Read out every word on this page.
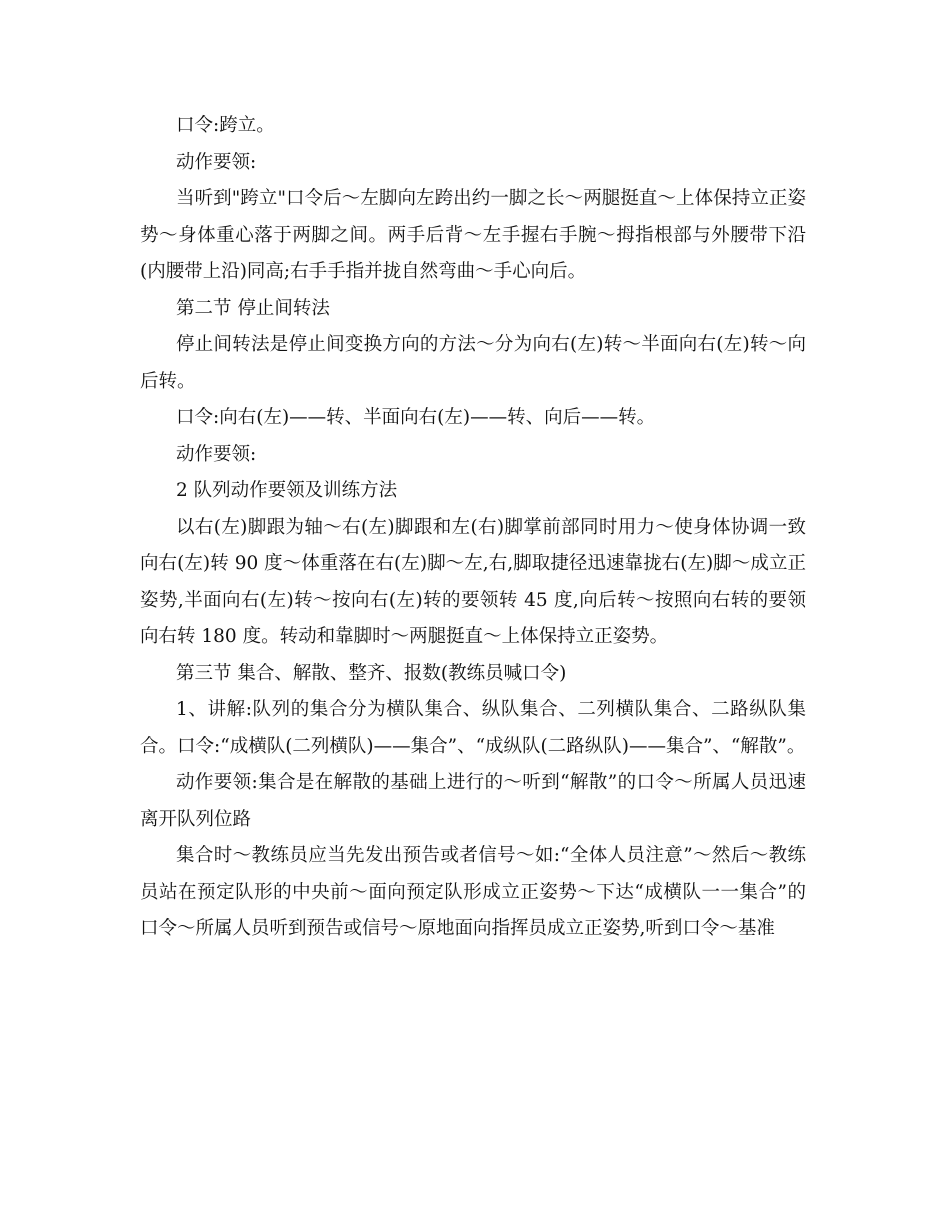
口令:跨立。

动作要领:

当听到"跨立"口令后～左脚向左跨出约一脚之长～两腿挺直～上体保持立正姿势～身体重心落于两脚之间。两手后背～左手握右手腕～拇指根部与外腰带下沿(内腰带上沿)同高;右手手指并拢自然弯曲～手心向后。

第二节 停止间转法

停止间转法是停止间变换方向的方法～分为向右(左)转～半面向右(左)转～向后转。

口令:向右(左)——转、半面向右(左)——转、向后——转。

动作要领:

2 队列动作要领及训练方法

以右(左)脚跟为轴～右(左)脚跟和左(右)脚掌前部同时用力～使身体协调一致向右(左)转 90 度～体重落在右(左)脚～左,右,脚取捷径迅速靠拢右(左)脚～成立正姿势,半面向右(左)转～按向右(左)转的要领转 45 度,向后转～按照向右转的要领向右转 180 度。转动和靠脚时～两腿挺直～上体保持立正姿势。

第三节 集合、解散、整齐、报数(教练员喊口令)

1、讲解:队列的集合分为横队集合、纵队集合、二列横队集合、二路纵队集合。口令:“成横队(二列横队)——集合”、“成纵队(二路纵队)——集合”、“解散”。

动作要领:集合是在解散的基础上进行的～听到“解散”的口令～所属人员迅速离开队列位路

集合时～教练员应当先发出预告或者信号～如:“全体人员注意”～然后～教练员站在预定队形的中央前～面向预定队形成立正姿势～下达“成横队一一集合”的口令～所属人员听到预告或信号～原地面向指挥员成立正姿势,听到口令～基准
